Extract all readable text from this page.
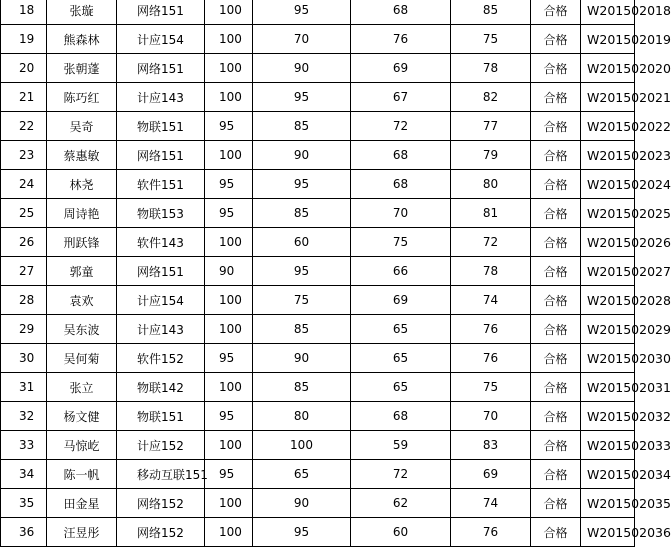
18	张璇	网络151	100	95	68	85	合格	W201502018
19	熊森林	计应154	100	70	76	75	合格	W201502019
20	张朝蓬	网络151	100	90	69	78	合格	W201502020
21	陈巧红	计应143	100	95	67	82	合格	W201502021
22	吴奇	物联151	95	85	72	77	合格	W201502022
23	蔡惠敏	网络151	100	90	68	79	合格	W201502023
24	林尧	软件151	95	95	68	80	合格	W201502024
25	周诗艳	物联153	95	85	70	81	合格	W201502025
26	刑跃锋	软件143	100	60	75	72	合格	W201502026
27	郭童	网络151	90	95	66	78	合格	W201502027
28	袁欢	计应154	100	75	69	74	合格	W201502028
29	吴东波	计应143	100	85	65	76	合格	W201502029
30	吴何菊	软件152	95	90	65	76	合格	W201502030
31	张立	物联142	100	85	65	75	合格	W201502031
32	杨文健	物联151	95	80	68	70	合格	W201502032
33	马惊屹	计应152	100	100	59	83	合格	W201502033
34	陈一帆	移动互联151	95	65	72	69	合格	W201502034
35	田金星	网络152	100	90	62	74	合格	W201502035
36	汪昱彤	网络152	100	95	60	76	合格	W201502036
